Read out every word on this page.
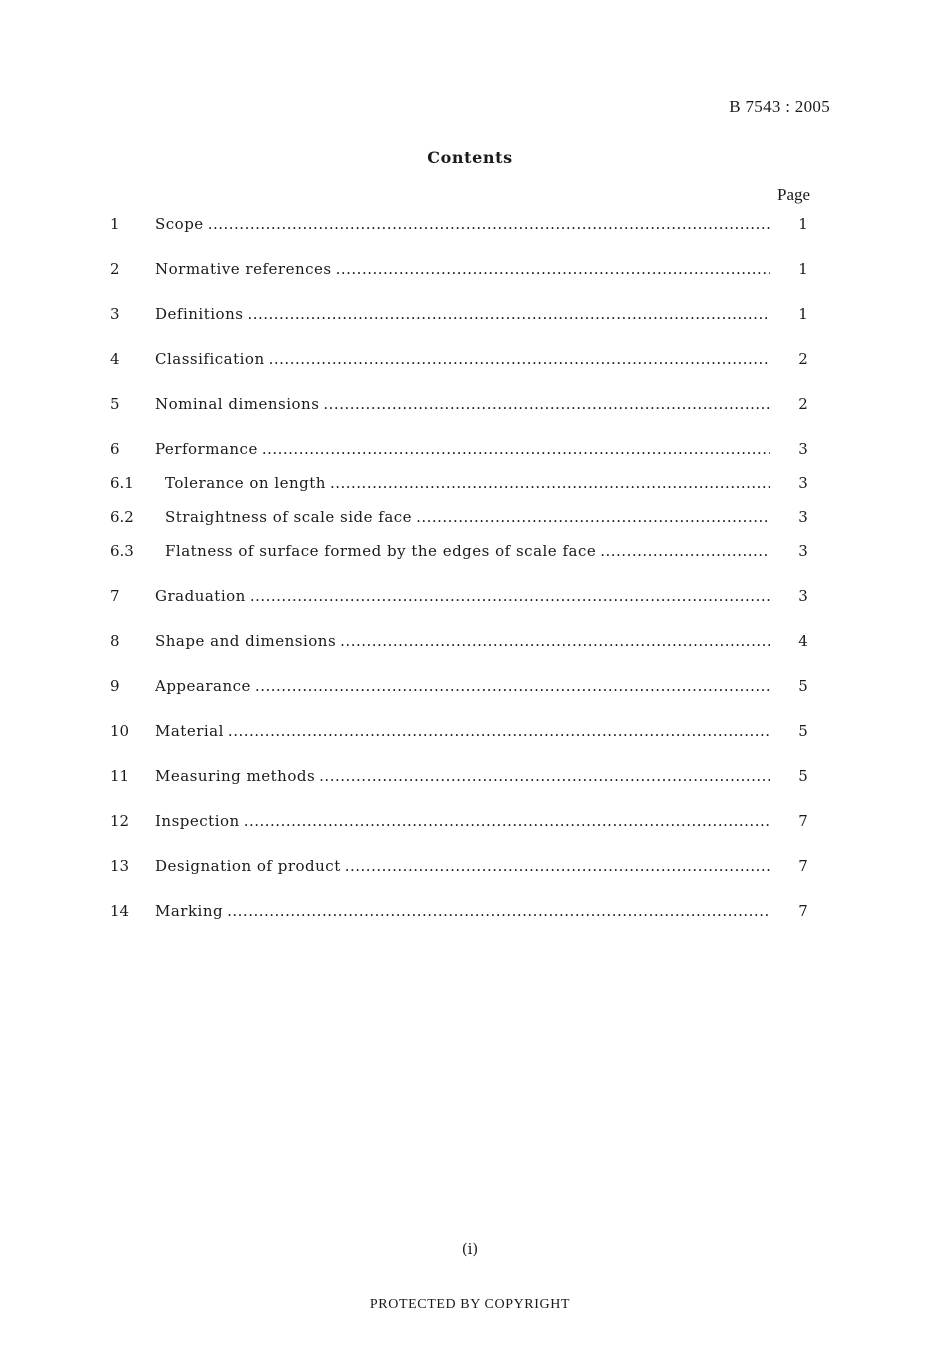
B 7543 : 2005
Contents
Page
1	Scope .....	1
2	Normative references .....	1
3	Definitions .....	1
4	Classification .....	2
5	Nominal dimensions .....	2
6	Performance .....	3
6.1	Tolerance on length .....	3
6.2	Straightness of scale side face .....	3
6.3	Flatness of surface formed by the edges of scale face .....	3
7	Graduation .....	3
8	Shape and dimensions .....	4
9	Appearance .....	5
10	Material .....	5
11	Measuring methods .....	5
12	Inspection .....	7
13	Designation of product .....	7
14	Marking .....	7
(i)
PROTECTED BY COPYRIGHT
